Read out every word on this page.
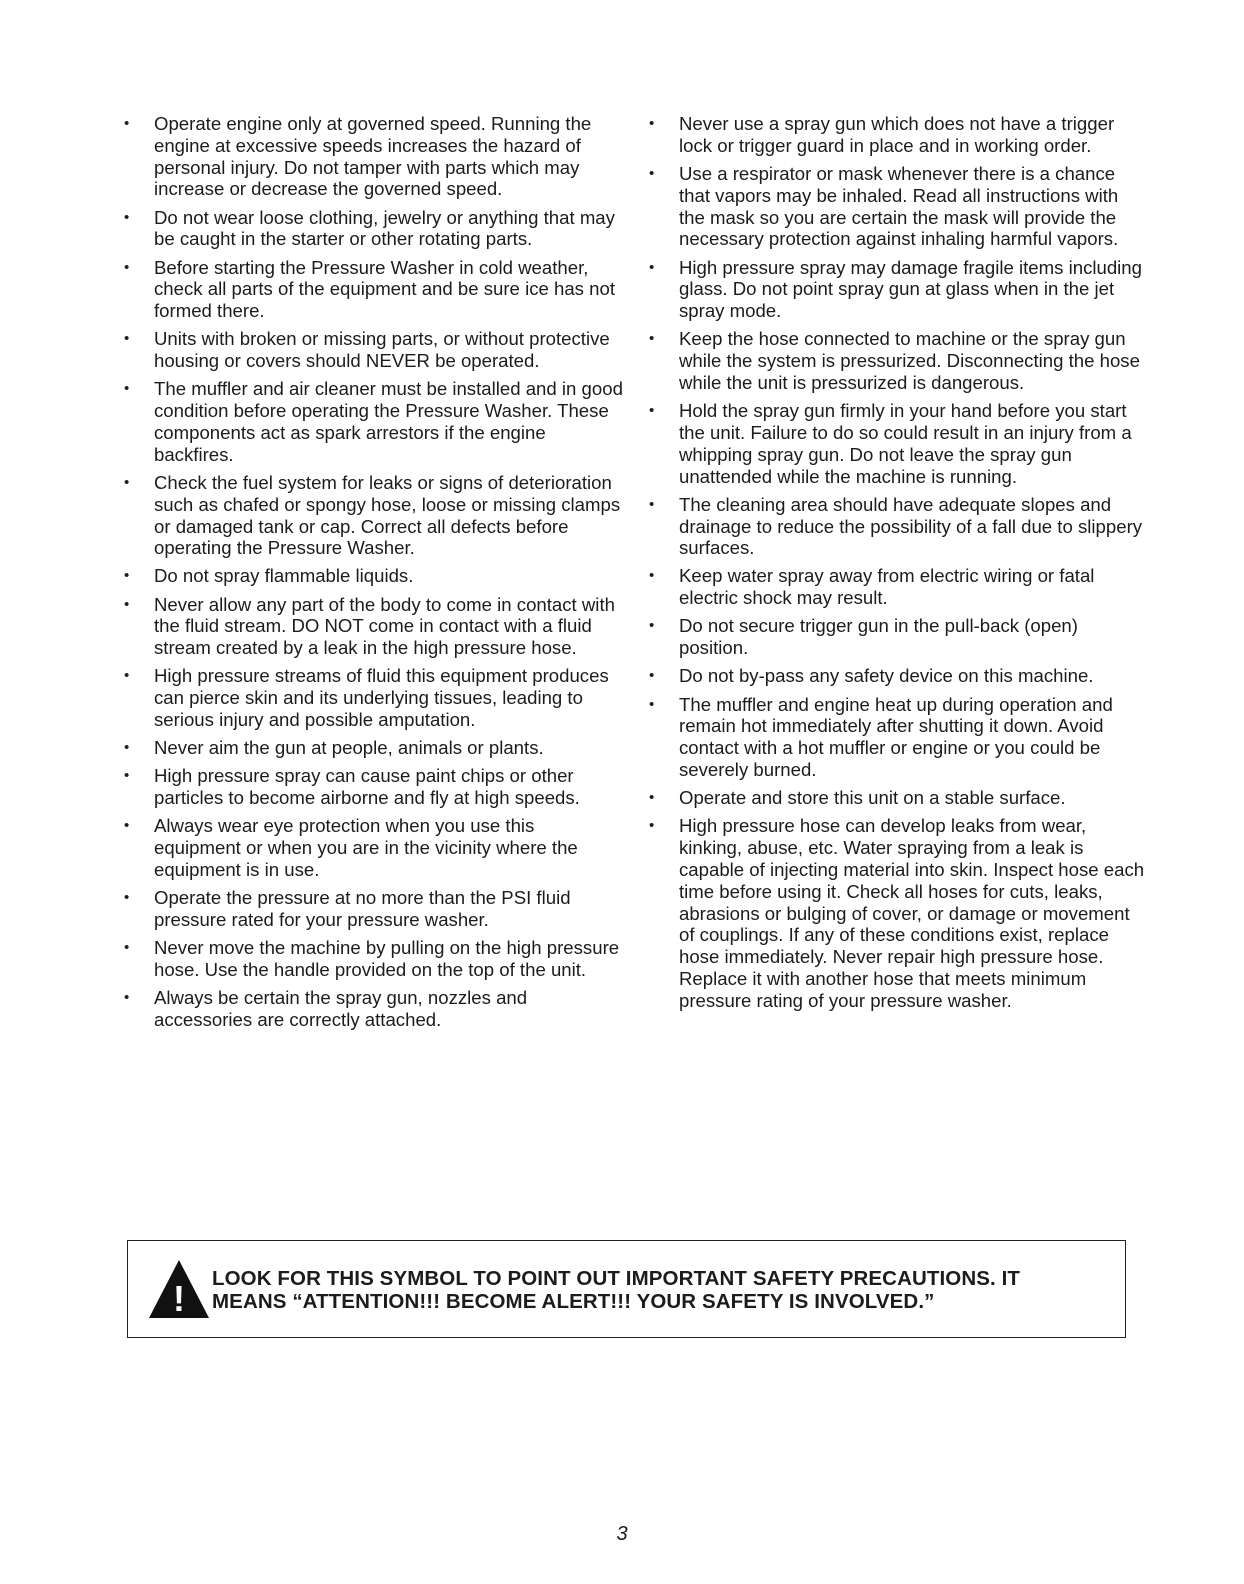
• Operate engine only at governed speed. Running the engine at excessive speeds increases the hazard of personal injury. Do not tamper with parts which may increase or decrease the governed speed.
• Do not wear loose clothing, jewelry or anything that may be caught in the starter or other rotating parts.
• Before starting the Pressure Washer in cold weather, check all parts of the equipment and be sure ice has not formed there.
• Units with broken or missing parts, or without protective housing or covers should NEVER be operated.
• The muffler and air cleaner must be installed and in good condition before operating the Pressure Washer. These components act as spark arrestors if the engine backfires.
• Check the fuel system for leaks or signs of deterioration such as chafed or spongy hose, loose or missing clamps or damaged tank or cap. Correct all defects before operating the Pressure Washer.
• Do not spray flammable liquids.
• Never allow any part of the body to come in contact with the fluid stream. DO NOT come in contact with a fluid stream created by a leak in the high pressure hose.
• High pressure streams of fluid this equipment produces can pierce skin and its underlying tissues, leading to serious injury and possible amputation.
• Never aim the gun at people, animals or plants.
• High pressure spray can cause paint chips or other particles to become airborne and fly at high speeds.
• Always wear eye protection when you use this equipment or when you are in the vicinity where the equipment is in use.
• Operate the pressure at no more than the PSI fluid pressure rated for your pressure washer.
• Never move the machine by pulling on the high pressure hose. Use the handle provided on the top of the unit.
• Always be certain the spray gun, nozzles and accessories are correctly attached.
• Never use a spray gun which does not have a trigger lock or trigger guard in place and in working order.
• Use a respirator or mask whenever there is a chance that vapors may be inhaled. Read all instructions with the mask so you are certain the mask will provide the necessary protection against inhaling harmful vapors.
• High pressure spray may damage fragile items including glass. Do not point spray gun at glass when in the jet spray mode.
• Keep the hose connected to machine or the spray gun while the system is pressurized. Disconnecting the hose while the unit is pressurized is dangerous.
• Hold the spray gun firmly in your hand before you start the unit. Failure to do so could result in an injury from a whipping spray gun. Do not leave the spray gun unattended while the machine is running.
• The cleaning area should have adequate slopes and drainage to reduce the possibility of a fall due to slippery surfaces.
• Keep water spray away from electric wiring or fatal electric shock may result.
• Do not secure trigger gun in the pull-back (open) position.
• Do not by-pass any safety device on this machine.
• The muffler and engine heat up during operation and remain hot immediately after shutting it down. Avoid contact with a hot muffler or engine or you could be severely burned.
• Operate and store this unit on a stable surface.
• High pressure hose can develop leaks from wear, kinking, abuse, etc. Water spraying from a leak is capable of injecting material into skin. Inspect hose each time before using it. Check all hoses for cuts, leaks, abrasions or bulging of cover, or damage or movement of couplings. If any of these conditions exist, replace hose immediately. Never repair high pressure hose. Replace it with another hose that meets minimum pressure rating of your pressure washer.
! LOOK FOR THIS SYMBOL TO POINT OUT IMPORTANT SAFETY PRECAUTIONS. IT MEANS “ATTENTION!!! BECOME ALERT!!! YOUR SAFETY IS INVOLVED.”
3
